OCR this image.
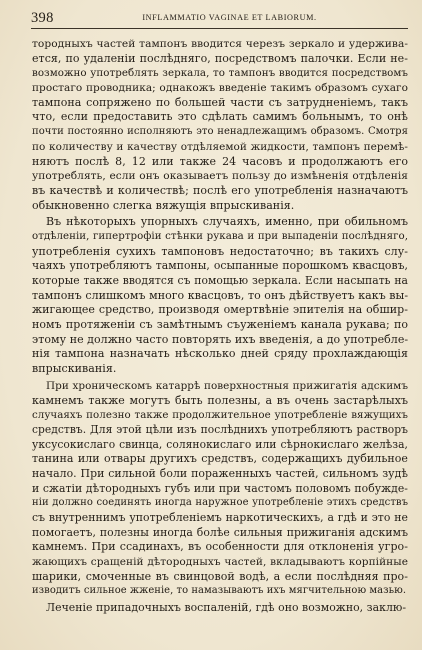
398	INFLAMMATIO VAGINAE ET LABIORUM.
тородныхъ частей тампонъ вводится черезъ зеркало и удержива-
ется, по удаленіи послѣдняго, посредствомъ палочки. Если не-
возможно употреблять зеркала, то тампонъ вводится посредствомъ
простаго проводника; однакожъ введеніе такимъ образомъ сухаго
тампона сопряжено по большей части съ затрудненіемъ, такъ
что, если предоставить это сдѣлать самимъ больнымъ, то онѣ
почти постоянно исполняютъ это ненадлежащимъ образомъ. Смотря
по количеству и качеству отдѣляемой жидкости, тампонъ перемѣ-
няютъ послѣ 8, 12 или также 24 часовъ и продолжаютъ его
употреблять, если онъ оказываетъ пользу до измѣненія отдѣленія
въ качествѣ и количествѣ; послѣ его употребленія назначаютъ
обыкновенно слегка вяжущія впрыскиванія.
Въ нѣкоторыхъ упорныхъ случаяхъ, именно, при обильномъ
отдѣленіи, гипертрофіи стѣнки рукава и при выпаденіи послѣдняго,
употребленія сухихъ тампоновъ недостаточно; въ такихъ слу-
чаяхъ употребляютъ тампоны, осыпанные порошкомъ квасцовъ,
которые также вводятся съ помощью зеркала. Если насыпать на
тампонъ слишкомъ много квасцовъ, то онъ дѣйствуетъ какъ вы-
жигающее средство, производя омертвѣніе эпителія на обшир-
номъ протяженіи съ замѣтнымъ съуженіемъ канала рукава; по
этому не должно часто повторять ихъ введенія, а до употребле-
нія тампона назначать нѣсколько дней сряду прохлаждающія
впрыскиванія.
При хроническомъ катаррѣ поверхностныя прижигатія адскимъ
камнемъ также могутъ быть полезны, а въ очень застарѣлыхъ
случаяхъ полезно также продолжительное употребленіе вяжущихъ
средствъ. Для этой цѣли изъ послѣднихъ употребляютъ растворъ
уксусокислаго свинца, солянокислаго или сѣрнокислаго желѣза,
танина или отвары другихъ средствъ, содержащихъ дубильное
начало. При сильной боли пораженныхъ частей, сильномъ зудѣ
и сжатіи дѣтородныхъ губъ или при частомъ половомъ побужде-
ніи должно соединять иногда наружное употребленіе этихъ средствъ
съ внутреннимъ употребленіемъ наркотическихъ, а гдѣ и это не
помогаетъ, полезны иногда болѣе сильныя прижиганія адскимъ
камнемъ. При ссадинахъ, въ особенности для отклоненія угро-
жающихъ сращеній дѣтородныхъ частей, вкладываютъ корпійные
шарики, смоченные въ свинцовой водѣ, а если послѣдняя про-
изводитъ сильное жженіе, то намазываютъ ихъ мягчительною мазью.
Леченіе припадочныхъ воспаленій, гдѣ оно возможно, заклю-
